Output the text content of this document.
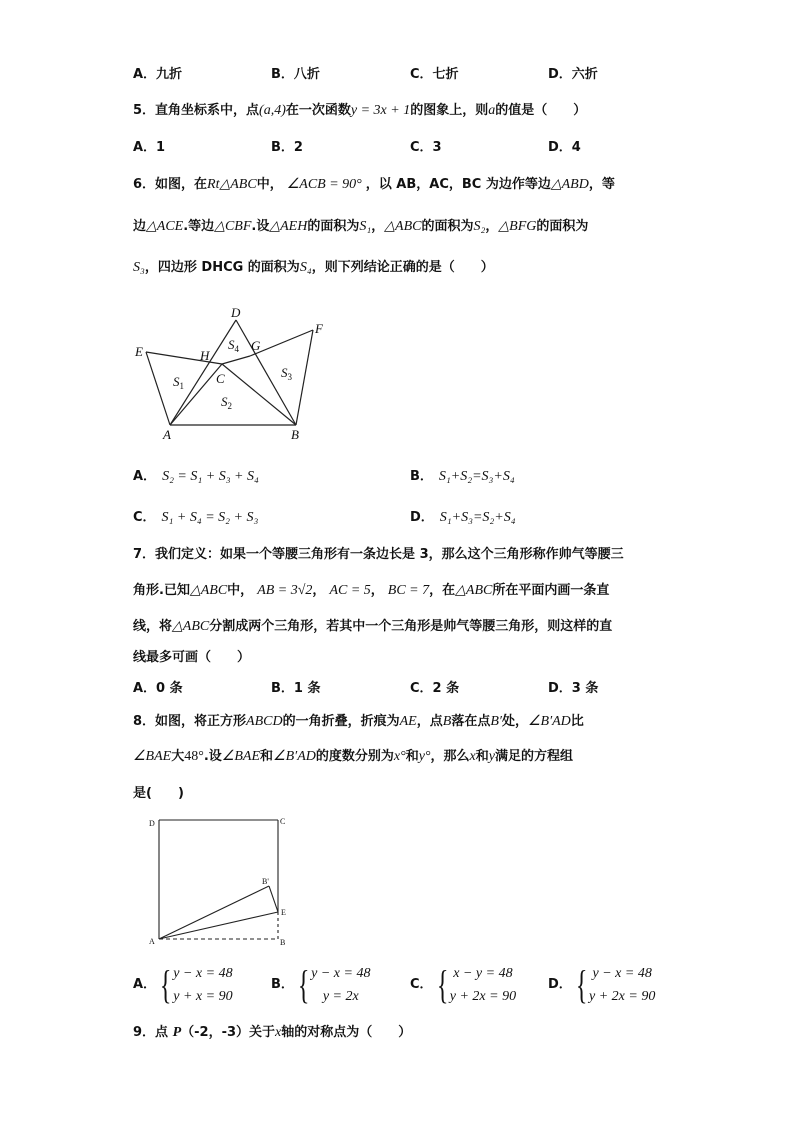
A．九折	B．八折	C．七折	D．六折
5．直角坐标系中，点(a,4)在一次函数y = 3x + 1的图象上，则a的值是（　　）
A．1	B．2	C．3	D．4
6．如图，在Rt△ABC中， ∠ACB = 90° ，以 AB，AC，BC 为边作等边△ABD，等
边△ACE.等边△CBF.设△AEH的面积为S₁，△ABC的面积为S₂，△BFG的面积为
S₃，四边形 DHCG 的面积为S₄，则下列结论正确的是（　　）
D
E
F
H
G
C
A	B
$S_1$
$S_2$
$S_3$
$S_4$
A． S₂ = S₁ + S₃ + S₄	B． S₁+S₂=S₃+S₄
C． S₁ + S₄ = S₂ + S₃	D． S₁+S₃=S₂+S₄
7．我们定义：如果一个等腰三角形有一条边长是 3，那么这个三角形称作帅气等腰三
角形.已知△ABC中， AB = 3√2， AC = 5， BC = 7，在△ABC所在平面内画一条直
线，将△ABC分割成两个三角形，若其中一个三角形是帅气等腰三角形，则这样的直
线最多可画（　　）
A．0 条	B．1 条	C．2 条	D．3 条
8．如图，将正方形ABCD的一角折叠，折痕为AE，点B落在点B′处，∠B′AD比
∠BAE大48°.设∠BAE和∠B′AD的度数分别为x°和y°，那么x和y满足的方程组
是(　　)
D	C
A	B
E
B'
A．{ y − x = 48
y + x = 90
B．{ y − x = 48
y = 2x
C．{ x − y = 48
y + 2x = 90
D．{ y − x = 48
y + 2x = 90
9．点 P（-2，-3）关于x轴的对称点为（　　）
